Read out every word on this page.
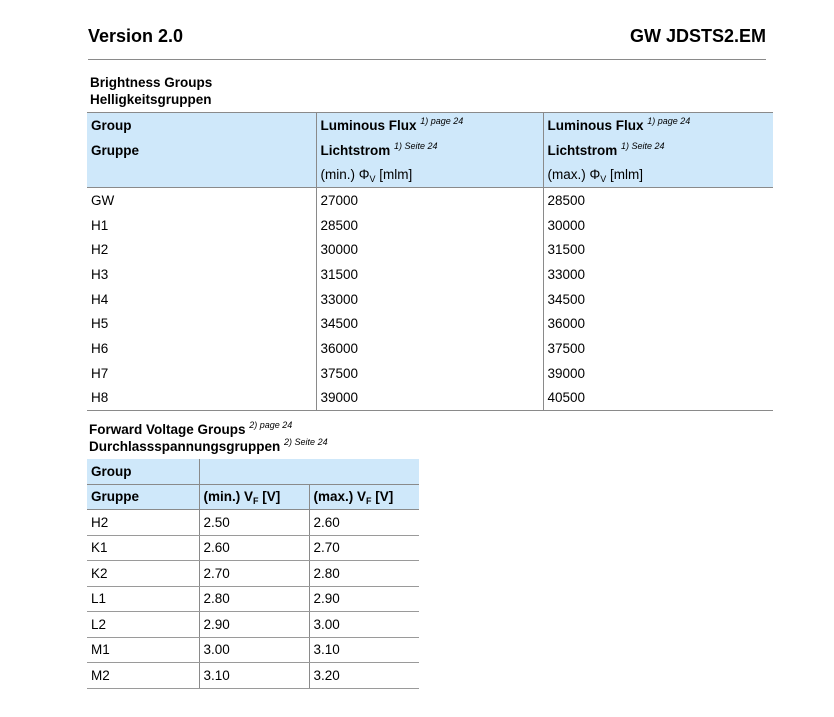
Version 2.0	GW JDSTS2.EM
Brightness Groups
Helligkeitsgruppen
Group	Luminous Flux $^{1) page 24}$	Luminous Flux $^{1) page 24}$
Gruppe	Lichtstrom $^{1) Seite 24}$	Lichtstrom $^{1) Seite 24}$
	(min.) $\Phi_V$ [mlm]	(max.) $\Phi_V$ [mlm]
GW	27000	28500
H1	28500	30000
H2	30000	31500
H3	31500	33000
H4	33000	34500
H5	34500	36000
H6	36000	37500
H7	37500	39000
H8	39000	40500
Forward Voltage Groups $^{2) page 24}$
Durchlassspannungsgruppen $^{2) Seite 24}$
Group		
Gruppe	(min.) $V_F$ [V]	(max.) $V_F$ [V]
H2	2.50	2.60
K1	2.60	2.70
K2	2.70	2.80
L1	2.80	2.90
L2	2.90	3.00
M1	3.00	3.10
M2	3.10	3.20
